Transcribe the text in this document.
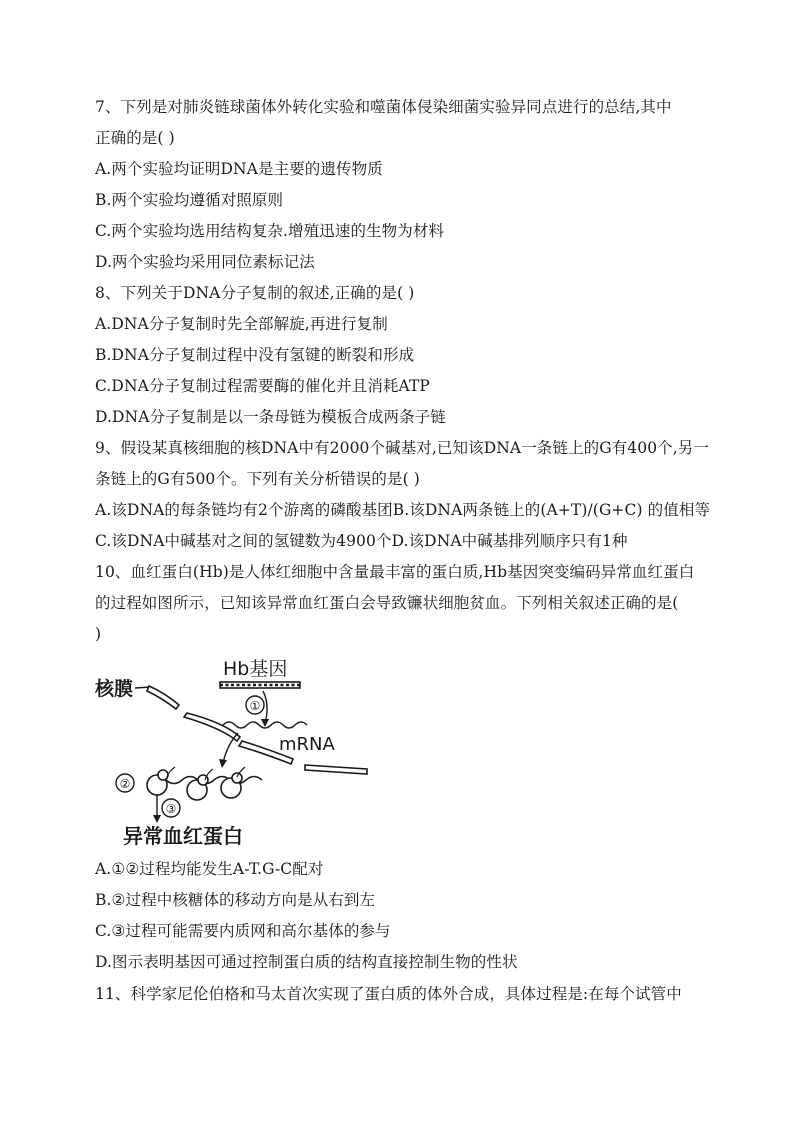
7、下列是对肺炎链球菌体外转化实验和噬菌体侵染细菌实验异同点进行的总结,其中
正确的是( )
A.两个实验均证明DNA是主要的遗传物质
B.两个实验均遵循对照原则
C.两个实验均选用结构复杂.增殖迅速的生物为材料
D.两个实验均采用同位素标记法
8、下列关于DNA分子复制的叙述,正确的是( )
A.DNA分子复制时先全部解旋,再进行复制
B.DNA分子复制过程中没有氢键的断裂和形成
C.DNA分子复制过程需要酶的催化并且消耗ATP
D.DNA分子复制是以一条母链为模板合成两条子链
9、假设某真核细胞的核DNA中有2000个碱基对,已知该DNA一条链上的G有400个,另一
条链上的G有500个。下列有关分析错误的是( )
A.该DNA的每条链均有2个游离的磷酸基团B.该DNA两条链上的(A+T)/(G+C) 的值相等
C.该DNA中碱基对之间的氢键数为4900个D.该DNA中碱基排列顺序只有1种
10、血红蛋白(Hb)是人体红细胞中含量最丰富的蛋白质,Hb基因突变编码异常血红蛋白
的过程如图所示，已知该异常血红蛋白会导致镰状细胞贫血。下列相关叙述正确的是(
)
Hb基因
①
核膜
mRNA
②
③
异常血红蛋白
A.①②过程均能发生A-T.G-C配对
B.②过程中核糖体的移动方向是从右到左
C.③过程可能需要内质网和高尔基体的参与
D.图示表明基因可通过控制蛋白质的结构直接控制生物的性状
11、科学家尼伦伯格和马太首次实现了蛋白质的体外合成，具体过程是:在每个试管中
